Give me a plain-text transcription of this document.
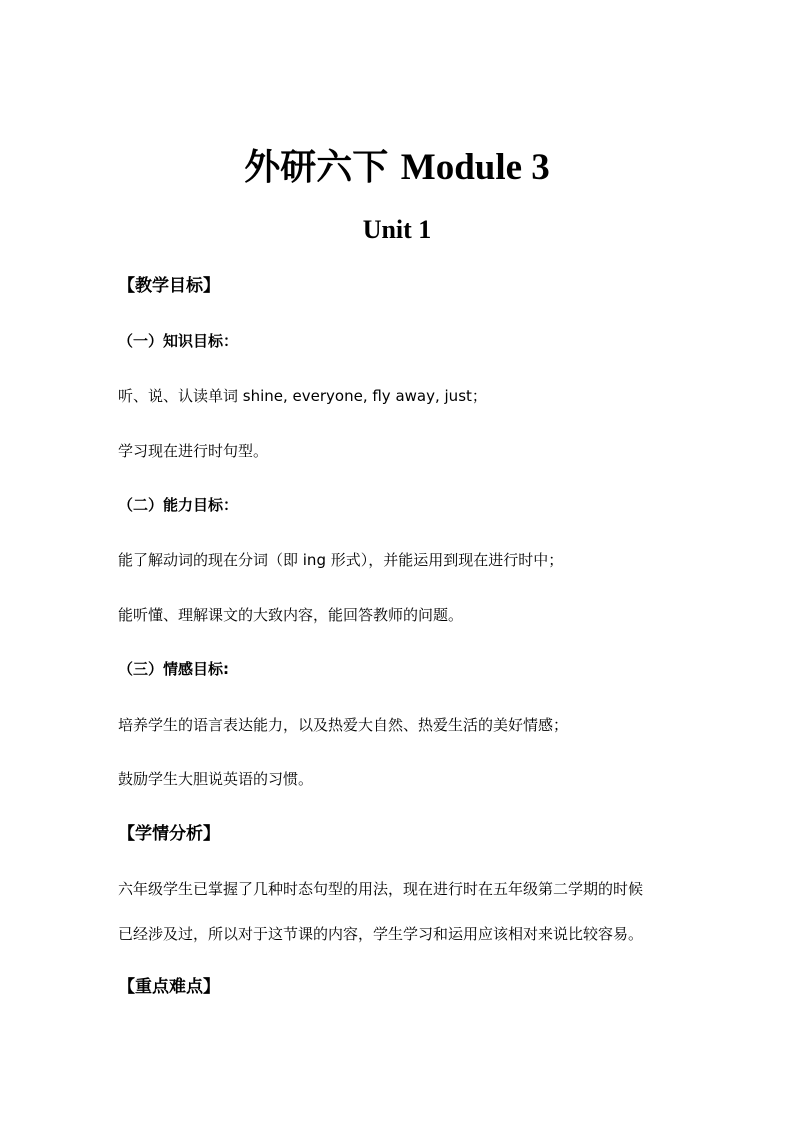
外研六下 Module 3
Unit 1
【教学目标】
（一）知识目标：
听、说、认读单词 shine, everyone, fly away, just；
学习现在进行时句型。
（二）能力目标：
能了解动词的现在分词（即 ing 形式），并能运用到现在进行时中；
能听懂、理解课文的大致内容，能回答教师的问题。
（三）情感目标:
培养学生的语言表达能力，以及热爱大自然、热爱生活的美好情感；
鼓励学生大胆说英语的习惯。
【学情分析】
六年级学生已掌握了几种时态句型的用法，现在进行时在五年级第二学期的时候
已经涉及过，所以对于这节课的内容，学生学习和运用应该相对来说比较容易。
【重点难点】
